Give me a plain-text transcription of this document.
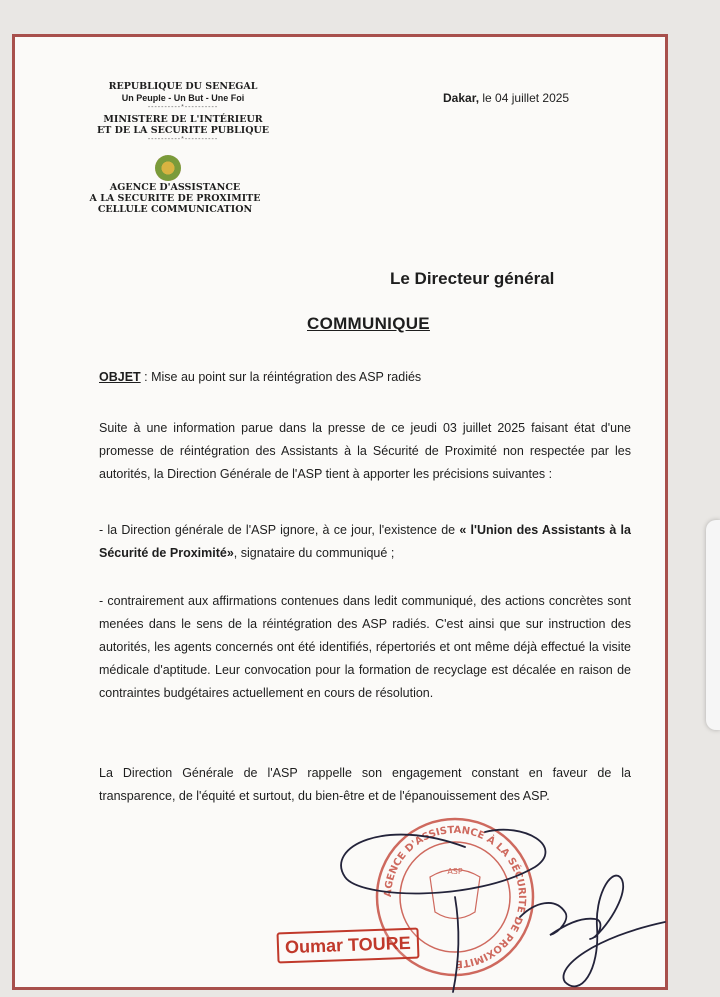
REPUBLIQUE DU SENEGAL
Un Peuple - Un But - Une Foi
----------*----------
MINISTERE DE L'INTÉRIEUR
ET DE LA SECURITE PUBLIQUE
----------*----------
AGENCE D'ASSISTANCE
A LA SECURITE DE PROXIMITE
CELLULE COMMUNICATION
Dakar, le 04 juillet 2025
Le Directeur général
COMMUNIQUE
OBJET : Mise au point sur la réintégration des ASP radiés
Suite à une information parue dans la presse de ce jeudi 03 juillet 2025 faisant état d'une promesse de réintégration des Assistants à la Sécurité de Proximité non respectée par les autorités, la Direction Générale de l'ASP tient à apporter les précisions suivantes :
- la Direction générale de l'ASP ignore, à ce jour, l'existence de « l'Union des Assistants à la Sécurité de Proximité», signataire du communiqué ;
- contrairement aux affirmations contenues dans ledit communiqué, des actions concrètes sont menées dans le sens de la réintégration des ASP radiés. C'est ainsi que sur instruction des autorités, les agents concernés ont été identifiés, répertoriés et ont même déjà effectué la visite médicale d'aptitude. Leur convocation pour la formation de recyclage est décalée en raison de contraintes budgétaires actuellement en cours de résolution.
La Direction Générale de l'ASP rappelle son engagement constant en faveur de la transparence, de l'équité et surtout, du bien-être et de l'épanouissement des ASP.
AGENCE D'ASSISTANCE À LA SÉCURITÉ DE PROXIMITÉ
ASP
Oumar TOURE
